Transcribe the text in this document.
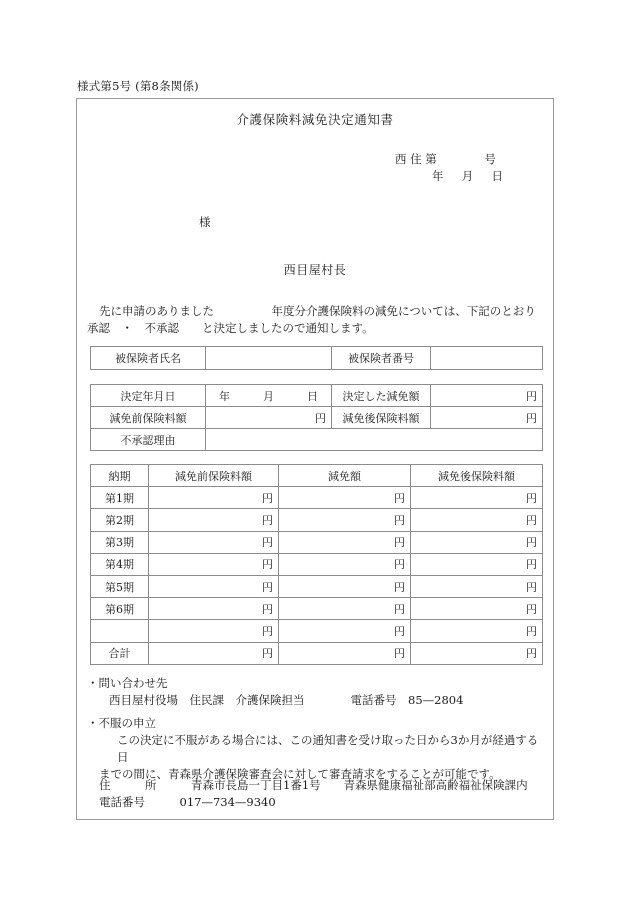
様式第5号 (第8条関係)
介護保険料減免決定通知書
西 住 第             号
年     月     日
様
西目屋村長
先に申請のありました　　　　　年度分介護保険料の減免については、下記のとおり
承認　・　不承認　　と決定しましたので通知します。
被保険者氏名		被保険者番号	
決定年月日	年　　　月　　　日	決定した減免額	円
減免前保険料額	円	減免後保険料額	円
不承認理由			
納期	減免前保険料額	減免額	減免後保険料額
第1期	円	円	円
第2期	円	円	円
第3期	円	円	円
第4期	円	円	円
第5期	円	円	円
第6期	円	円	円
	円	円	円
合計	円	円	円
・問い合わせ先
西目屋村役場　住民課　介護保険担当　　　　電話番号　85—2804
・不服の申立
この決定に不服がある場合には、この通知書を受け取った日から3か月が経過する日
までの間に、青森県介護保険審査会に対して審査請求をすることが可能です。
住　　　所　　　	青森市長島一丁目1番1号　　青森県健康福祉部高齢福祉保険課内
電話番号　　　	017—734—9340
